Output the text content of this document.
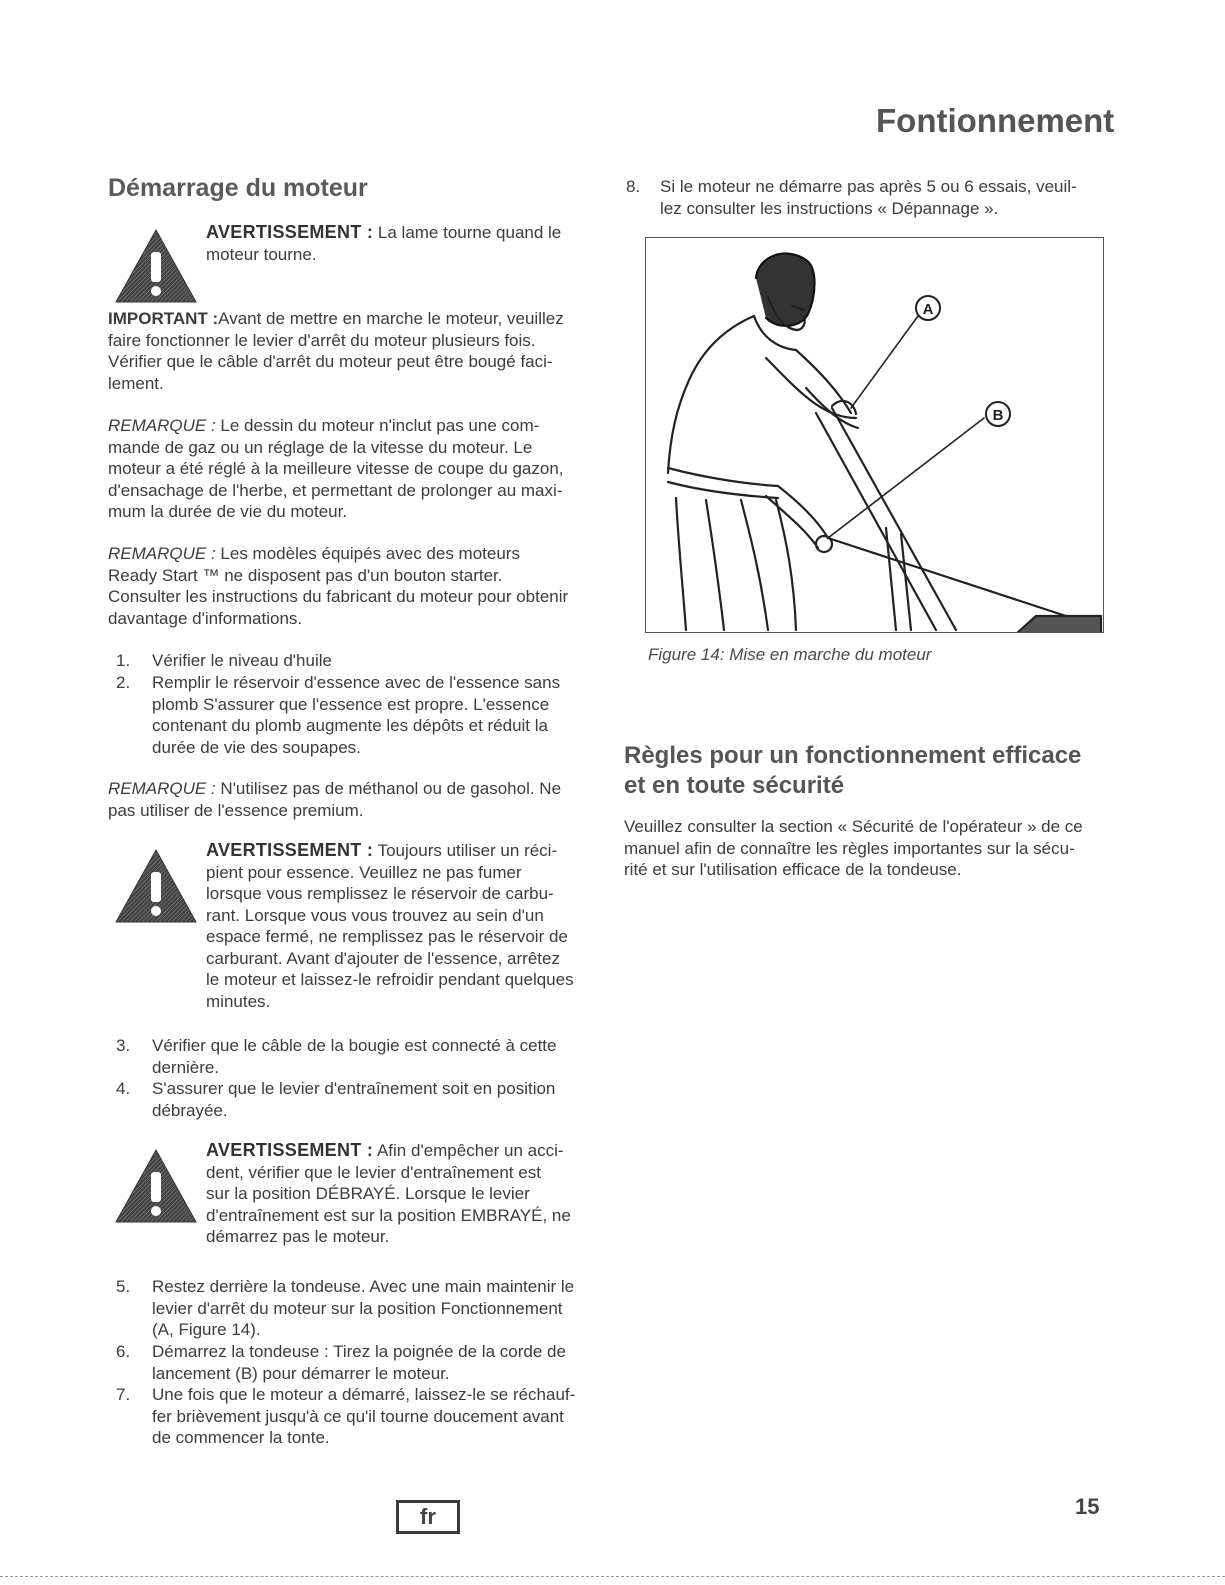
Fontionnement
Démarrage du moteur
AVERTISSEMENT : La lame tourne quand le
moteur tourne.

IMPORTANT :Avant de mettre en marche le moteur, veuillez
faire fonctionner le levier d'arrêt du moteur plusieurs fois.
Vérifier que le câble d'arrêt du moteur peut être bougé faci-
lement.

REMARQUE : Le dessin du moteur n'inclut pas une com-
mande de gaz ou un réglage de la vitesse du moteur. Le
moteur a été réglé à la meilleure vitesse de coupe du gazon,
d'ensachage de l'herbe, et permettant de prolonger au maxi-
mum la durée de vie du moteur.

REMARQUE : Les modèles équipés avec des moteurs
Ready Start ™ ne disposent pas d'un bouton starter.
Consulter les instructions du fabricant du moteur pour obtenir
davantage d'informations.

1.	Vérifier le niveau d'huile
2.	Remplir le réservoir d'essence avec de l'essence sans
plomb S'assurer que l'essence est propre. L'essence
contenant du plomb augmente les dépôts et réduit la
durée de vie des soupapes.

REMARQUE : N'utilisez pas de méthanol ou de gasohol. Ne
pas utiliser de l'essence premium.

AVERTISSEMENT : Toujours utiliser un réci-
pient pour essence. Veuillez ne pas fumer
lorsque vous remplissez le réservoir de carbu-
rant. Lorsque vous vous trouvez au sein d'un
espace fermé, ne remplissez pas le réservoir de
carburant. Avant d'ajouter de l'essence, arrêtez
le moteur et laissez-le refroidir pendant quelques
minutes.
3.	Vérifier que le câble de la bougie est connecté à cette
dernière.
4.	S'assurer que le levier d'entraînement soit en position
débrayée.
AVERTISSEMENT : Afin d'empêcher un acci-
dent, vérifier que le levier d'entraînement est
sur la position DÉBRAYÉ. Lorsque le levier
d'entraînement est sur la position EMBRAYÉ, ne
démarrez pas le moteur.
5.	Restez derrière la tondeuse. Avec une main maintenir le
levier d'arrêt du moteur sur la position Fonctionnement
(A, Figure 14).
6.	Démarrez la tondeuse : Tirez la poignée de la corde de
lancement (B) pour démarrer le moteur.
7.	Une fois que le moteur a démarré, laissez-le se réchauf-
fer brièvement jusqu'à ce qu'il tourne doucement avant
de commencer la tonte.
8.	Si le moteur ne démarre pas après 5 ou 6 essais, veuil-
lez consulter les instructions « Dépannage ».
A
B
Figure 14: Mise en marche du moteur
Règles pour un fonctionnement efficace
et en toute sécurité

Veuillez consulter la section « Sécurité de l'opérateur » de ce
manuel afin de connaître les règles importantes sur la sécu-
rité et sur l'utilisation efficace de la tondeuse.

fr	15
